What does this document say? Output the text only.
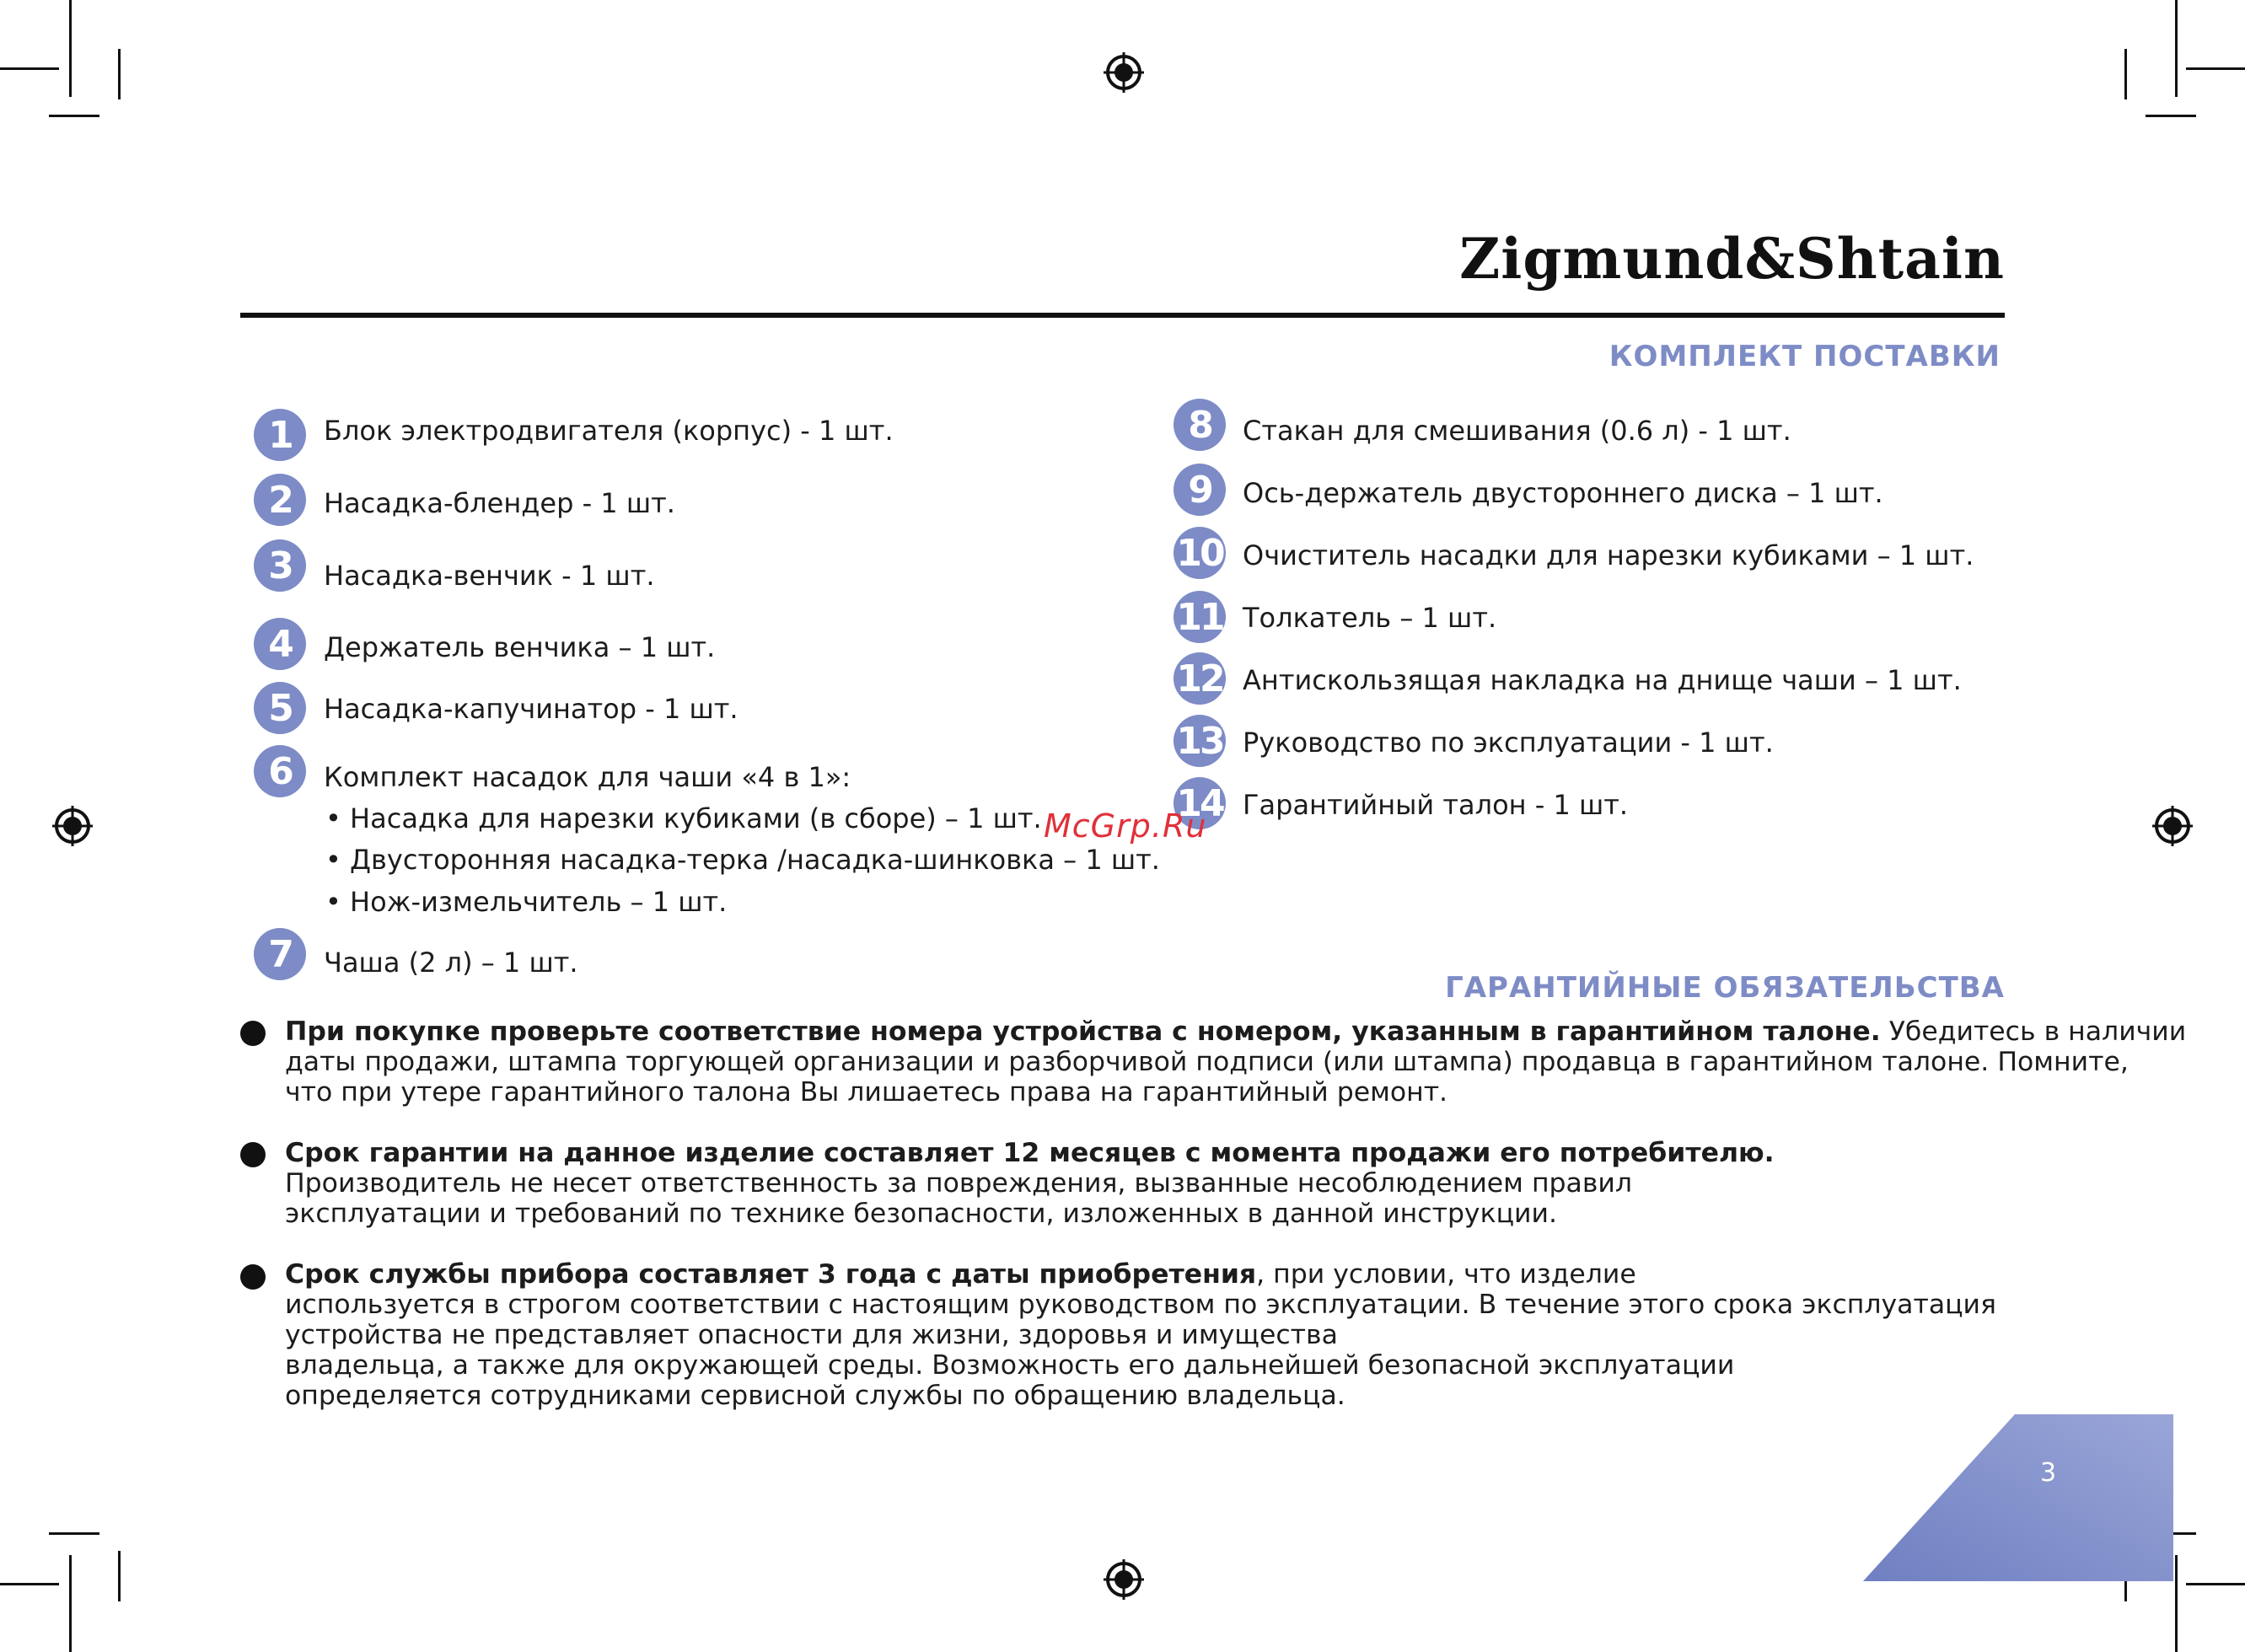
Zigmund&Shtain
КОМПЛЕКТ ПОСТАВКИ
1	Блок электродвигателя (корпус) - 1 шт.
2	Насадка-блендер - 1 шт.
3	Насадка-венчик - 1 шт.
4	Держатель венчика – 1 шт.
5	Насадка-капучинатор - 1 шт.
6	Комплект насадок для чаши «4 в 1»:
• Насадка для нарезки кубиками (в сборе) – 1 шт.
• Двусторонняя насадка-терка /насадка-шинковка – 1 шт.
• Нож-измельчитель – 1 шт.
7	Чаша (2 л) – 1 шт.
8	Стакан для смешивания (0.6 л) - 1 шт.
9	Ось-держатель двустороннего диска – 1 шт.
10 Очиститель насадки для нарезки кубиками – 1 шт.
11 Толкатель – 1 шт.
12 Антискользящая накладка на днище чаши – 1 шт.
13 Руководство по эксплуатации - 1 шт.
14 Гарантийный талон - 1 шт.
McGrp.Ru
ГАРАНТИЙНЫЕ ОБЯЗАТЕЛЬСТВА
При покупке проверьте соответствие номера устройства с номером, указанным в гарантийном талоне. Убедитесь в наличии
даты продажи, штампа торгующей организации и разборчивой подписи (или штампа) продавца в гарантийном талоне. Помните,
что при утере гарантийного талона Вы лишаетесь права на гарантийный ремонт.
Срок гарантии на данное изделие составляет 12 месяцев с момента продажи его потребителю.
Производитель не несет ответственность за повреждения, вызванные несоблюдением правил
эксплуатации и требований по технике безопасности, изложенных в данной инструкции.
Срок службы прибора составляет 3 года с даты приобретения, при условии, что изделие
используется в строгом соответствии с настоящим руководством по эксплуатации. В течение этого срока эксплуатация
устройства не представляет опасности для жизни, здоровья и имущества
владельца, а также для окружающей среды. Возможность его дальнейшей безопасной эксплуатации
определяется сотрудниками сервисной службы по обращению владельца.
3
